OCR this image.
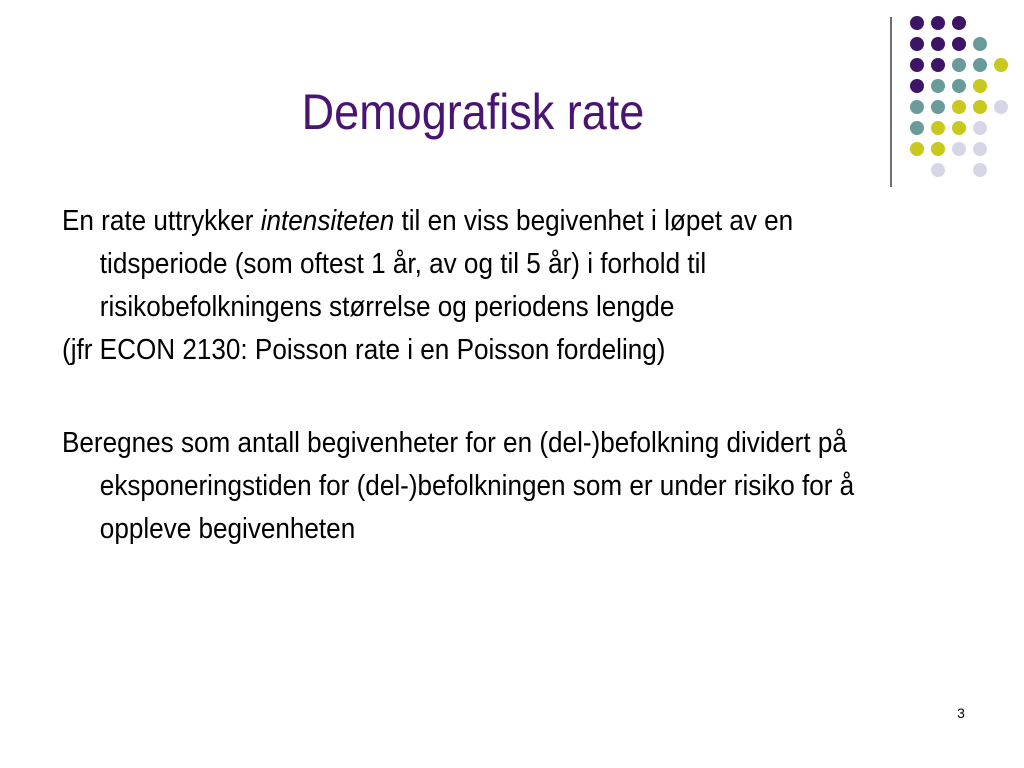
Demografisk rate

En rate uttrykker intensiteten til en viss begivenhet i løpet av en tidsperiode (som oftest 1 år, av og til 5 år) i forhold til risikobefolkningens størrelse og periodens lengde

(jfr ECON 2130: Poisson rate i en Poisson fordeling)

Beregnes som antall begivenheter for en (del-)befolkning dividert på eksponeringstiden for (del-)befolkningen som er under risiko for å oppleve begivenheten

3
